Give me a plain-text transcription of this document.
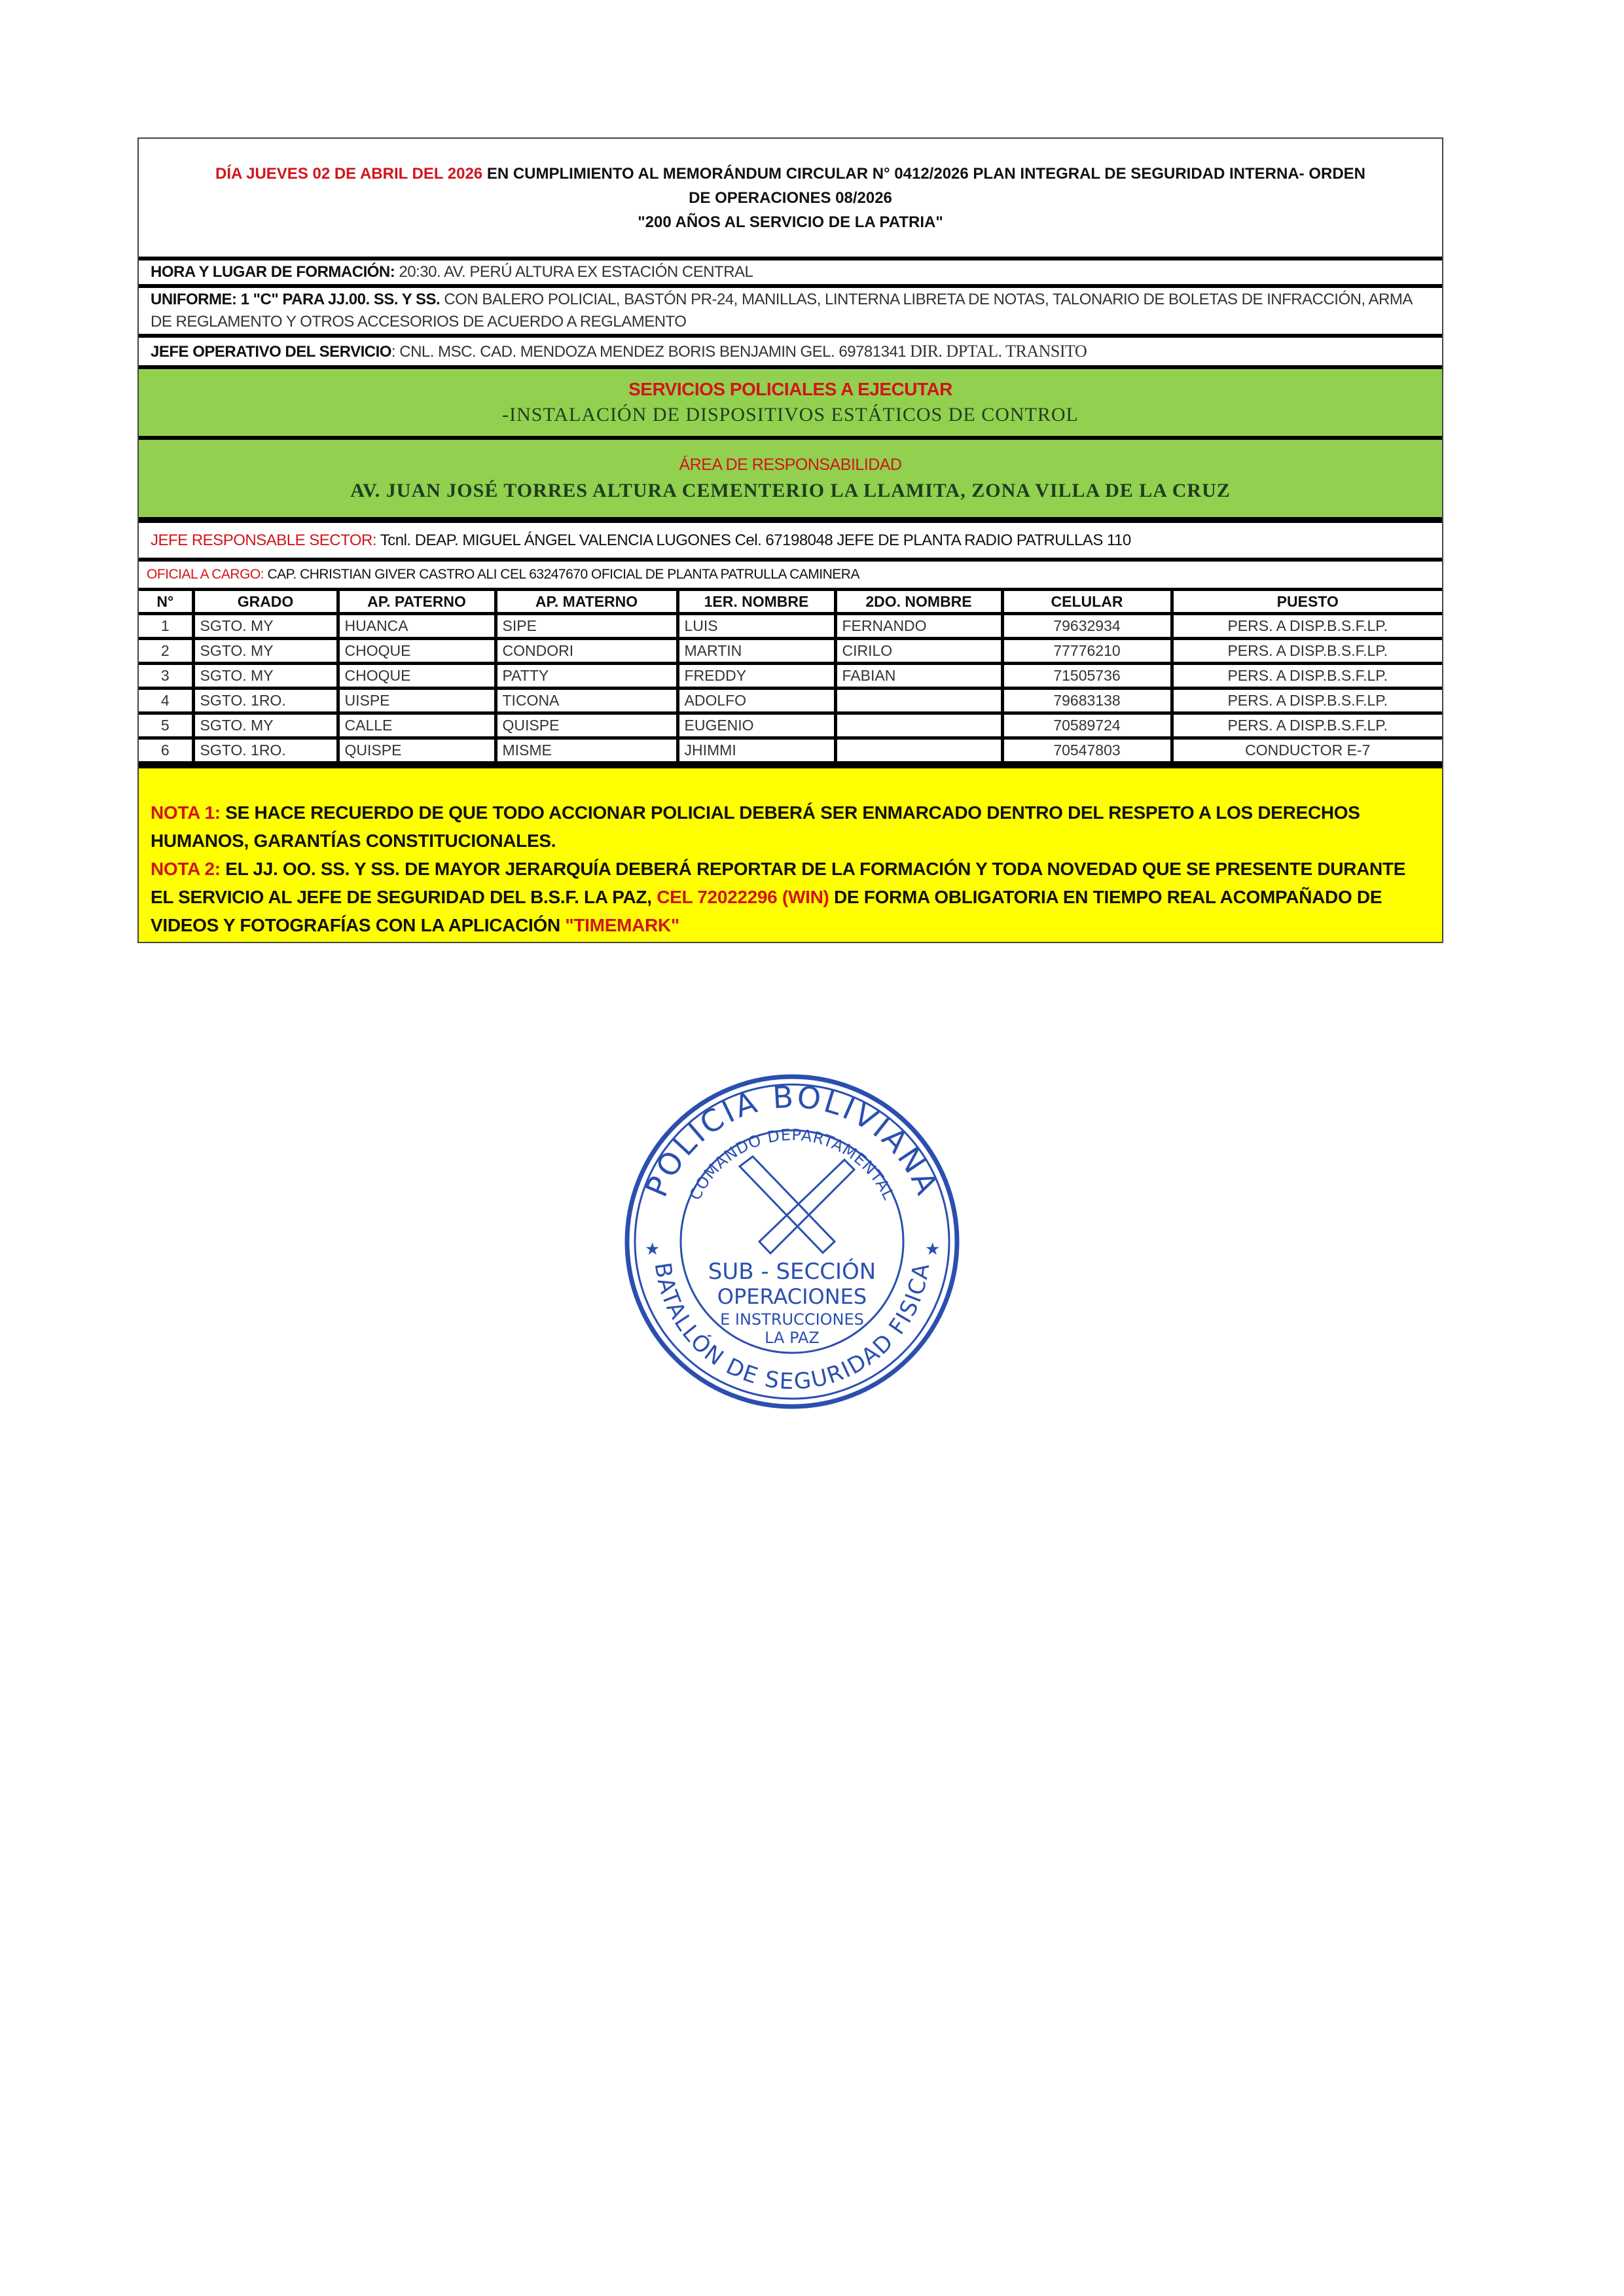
DÍA JUEVES 02 DE ABRIL DEL 2026 EN CUMPLIMIENTO AL MEMORÁNDUM CIRCULAR N° 0412/2026 PLAN INTEGRAL DE SEGURIDAD INTERNA- ORDEN
DE OPERACIONES 08/2026
"200 AÑOS AL SERVICIO DE LA PATRIA"
HORA Y LUGAR DE FORMACIÓN: 20:30. AV. PERÚ ALTURA EX ESTACIÓN CENTRAL
UNIFORME: 1 "C" PARA JJ.00. SS. Y SS. CON BALERO POLICIAL, BASTÓN PR-24, MANILLAS, LINTERNA LIBRETA DE NOTAS, TALONARIO DE BOLETAS DE INFRACCIÓN, ARMA DE REGLAMENTO Y OTROS ACCESORIOS DE ACUERDO A REGLAMENTO
JEFE OPERATIVO DEL SERVICIO: CNL. MSC. CAD. MENDOZA MENDEZ BORIS BENJAMIN GEL. 69781341 DIR. DPTAL. TRANSITO
SERVICIOS POLICIALES A EJECUTAR
-INSTALACIÓN DE DISPOSITIVOS ESTÁTICOS DE CONTROL
ÁREA DE RESPONSABILIDAD
AV. JUAN JOSÉ TORRES ALTURA CEMENTERIO LA LLAMITA, ZONA VILLA DE LA CRUZ
JEFE RESPONSABLE SECTOR: Tcnl. DEAP. MIGUEL ÁNGEL VALENCIA LUGONES Cel. 67198048 JEFE DE PLANTA RADIO PATRULLAS 110
OFICIAL A CARGO: CAP. CHRISTIAN GIVER CASTRO ALI CEL 63247670 OFICIAL DE PLANTA PATRULLA CAMINERA
N°	GRADO	AP. PATERNO	AP. MATERNO	1ER. NOMBRE	2DO. NOMBRE	CELULAR	PUESTO
1	SGTO. MY	HUANCA	SIPE	LUIS	FERNANDO	79632934	PERS. A DISP.B.S.F.LP.
2	SGTO. MY	CHOQUE	CONDORI	MARTIN	CIRILO	77776210	PERS. A DISP.B.S.F.LP.
3	SGTO. MY	CHOQUE	PATTY	FREDDY	FABIAN	71505736	PERS. A DISP.B.S.F.LP.
4	SGTO. 1RO.	UISPE	TICONA	ADOLFO		79683138	PERS. A DISP.B.S.F.LP.
5	SGTO. MY	CALLE	QUISPE	EUGENIO		70589724	PERS. A DISP.B.S.F.LP.
6	SGTO. 1RO.	QUISPE	MISME	JHIMMI		70547803	CONDUCTOR E-7
NOTA 1: SE HACE RECUERDO DE QUE TODO ACCIONAR POLICIAL DEBERÁ SER ENMARCADO DENTRO DEL RESPETO A LOS DERECHOS HUMANOS, GARANTÍAS CONSTITUCIONALES.
NOTA 2: EL JJ. OO. SS. Y SS. DE MAYOR JERARQUÍA DEBERÁ REPORTAR DE LA FORMACIÓN Y TODA NOVEDAD QUE SE PRESENTE DURANTE EL SERVICIO AL JEFE DE SEGURIDAD DEL B.S.F. LA PAZ, CEL 72022296 (WIN) DE FORMA OBLIGATORIA EN TIEMPO REAL ACOMPAÑADO DE VIDEOS Y FOTOGRAFÍAS CON LA APLICACIÓN "TIMEMARK"
POLICIA BOLIVIANA
COMANDO DEPARTAMENTAL
BATALLÓN DE SEGURIDAD FISICA
SUB - SECCIÓN
OPERACIONES
E INSTRUCCIONES
LA PAZ
★	★
